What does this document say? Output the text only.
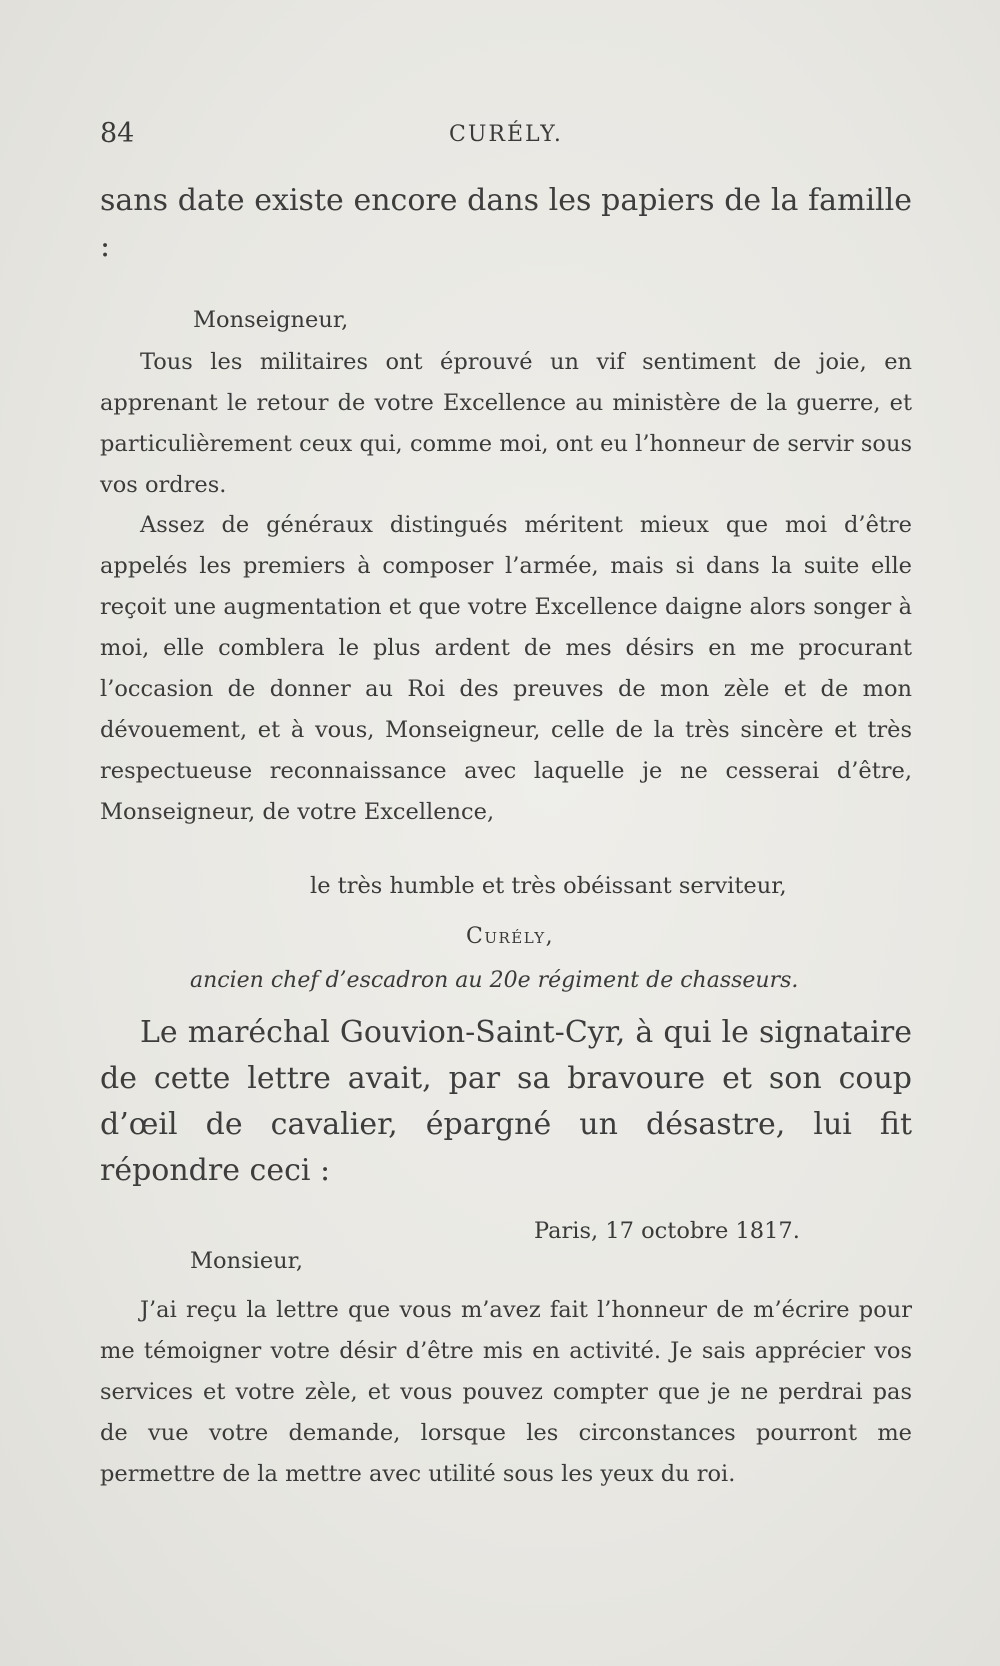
84	CURÉLY.

sans date existe encore dans les papiers de la famille :

Monseigneur,

Tous les militaires ont éprouvé un vif sentiment de joie, en apprenant le retour de votre Excellence au ministère de la guerre, et particulièrement ceux qui, comme moi, ont eu l’honneur de servir sous vos ordres.

Assez de généraux distingués méritent mieux que moi d’être appelés les premiers à composer l’armée, mais si dans la suite elle reçoit une augmentation et que votre Excellence daigne alors songer à moi, elle comblera le plus ardent de mes désirs en me procurant l’occasion de donner au Roi des preuves de mon zèle et de mon dévouement, et à vous, Monseigneur, celle de la très sincère et très respectueuse reconnaissance avec laquelle je ne cesserai d’être, Monseigneur, de votre Excellence,

le très humble et très obéissant serviteur,

Curély,

ancien chef d’escadron au 20e régiment de chasseurs.

Le maréchal Gouvion-Saint-Cyr, à qui le signataire de cette lettre avait, par sa bravoure et son coup d’œil de cavalier, épargné un désastre, lui fit répondre ceci :

Paris, 17 octobre 1817.

Monsieur,

J’ai reçu la lettre que vous m’avez fait l’honneur de m’écrire pour me témoigner votre désir d’être mis en activité. Je sais apprécier vos services et votre zèle, et vous pouvez compter que je ne perdrai pas de vue votre demande, lorsque les circonstances pourront me permettre de la mettre avec utilité sous les yeux du roi.
